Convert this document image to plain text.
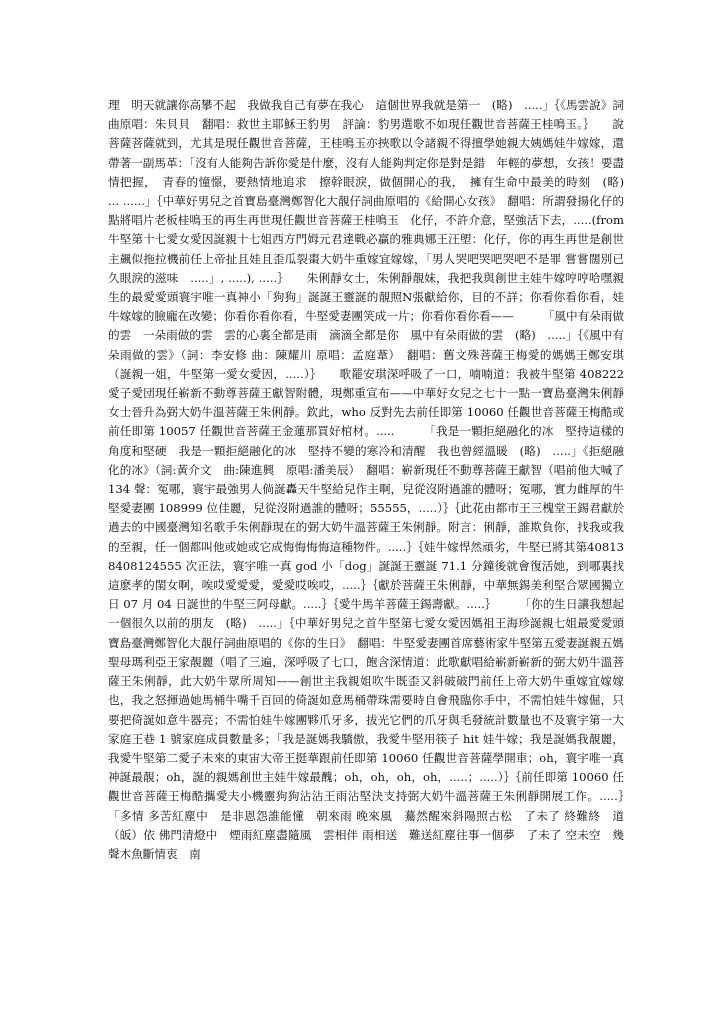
理　明天就讓你高攀不起　我做我自己有夢在我心　這個世界我就是第一　(略)　.....」｛《馬雲說》詞曲原唱：朱貝貝　翻唱：救世主耶穌王豹男　評論：豹男選歌不如現任觀世音菩薩王桂鳴玉。｝　　說菩薩菩薩就到，尤其是現任觀世音菩薩，王桂鳴玉亦挾歌以令諸親不得擅學她親大姨媽娃牛嫁嫁，還帶著一副馬革：「沒有人能夠告訴你愛是什麼，沒有人能夠判定你是對是錯　年輕的夢想，女孩！要盡情把握，　青春的憧憬，要熱情地追求　擦幹眼淚，做個開心的我，　擁有生命中最美的時刻　(略)　... ......」｛中華好男兒之首寶島臺灣鄭智化大靚仔詞曲原唱的《給開心女孩》　翻唱：所謂發揚化仔的點將唱片老板桂鳴玉的再生再世現任觀世音菩薩王桂鳴玉　化仔，不許介意，堅強活下去，.....(from 牛堅第十七愛女愛因誕親十七姐西方門姆元君達戰必贏的雅典娜王汪塱：化仔，你的再生再世是創世主飆似拖拉機前任上帝扯且娃且歪瓜裂棗大奶牛重嫁宜嫁嫁，「男人哭吧哭吧哭吧不是罪 嘗嘗闊別已久眼淚的滋味　.....」, .....), .....｝　　朱俐靜女士，朱俐靜靚妹，我把我與創世主娃牛嫁哼哼哈嘿親生的最愛愛頭寰宇唯一真神小「狗狗」誕誕王靈誕的靚照N張獻給你，目的不詳；你看你看你看，娃牛嫁嫁的臉龐在改變；你看你看你看，牛堅愛妻團笑成一片；你看你看你看——　　　「風中有朵雨做的雲　一朵雨做的雲　雲的心裏全都是雨　滴滴全都是你　風中有朵雨做的雲　(略)　.....」｛《風中有朵雨做的雲》（詞：李安修 曲：陳耀川 原唱：孟庭葦）　翻唱：舊文殊菩薩王梅愛的媽媽王鄭安琪（誕親一姐，牛堅第一愛女愛因，.....）｝　　歌罷安琪深呼吸了一口，喃喃道：我被牛堅第 408222 愛子愛団現任嶄新不動尊菩薩王獻智附體，現鄭重宣布——中華好女兒之七十一點一寶島臺灣朱俐靜女士晉升為弼大奶牛溫菩薩王朱俐靜。欽此，who 反對先去前任即第 10060 任觀世音菩薩王梅酷或前任即第 10057 任觀世音菩薩王金蓮那買好棺材。.....　　　「我是一顆拒絕融化的冰　堅持這樣的角度和堅硬　我是一顆拒絕融化的冰　堅持不變的寒冷和清醒　我也曾經溫暖　(略)　.....」《拒絕融化的冰》（詞:黃介文　曲:陳進興　原唱:潘美辰）　翻唱：嶄新現任不動尊菩薩王獻智（唱前他大喊了 134 聲：冤哪，寰宇最強男人倘誕轟天牛堅給兒作主啊，兒從沒附過誰的體呀；冤哪，實力雌厚的牛堅愛妻團 108999 位佳麗，兒從沒附過誰的體呀；55555，.....）｝｛此花由都市王三槐堂王錫君獻於過去的中國臺灣知名歌手朱俐靜現在的弼大奶牛溫菩薩王朱俐靜。附言：俐靜，誰欺負你，找我或我的至親，任一個都叫他或她或它成悔悔悔悔這種物件。.....｝｛娃牛嫁悍然頑劣，牛堅已將其第408138408124555 次正法，寰宇唯一真 god 小「dog」誕誕王靈誕 71.1 分鐘後就會復活她，到哪裏找這麽孝的閨女啊，唉哎愛愛愛，愛愛哎唉哎，.....｝｛獻於菩薩王朱俐靜，中華無錫美利堅合眾國獨立日 07 月 04 日誕世的牛堅三阿母獻。.....｝｛愛牛馬羊菩薩王錫壽獻。.....｝　　　「你的生日讓我想起　一個很久以前的朋友　(略)　.....」｛中華好男兒之首牛堅第七愛女愛因媽祖王海珍誕親七姐最愛愛頭寶島臺灣鄭智化大靚仔詞曲原唱的《你的生日》　翻唱：牛堅愛妻團首席藝術家牛堅第五愛妻誕親五媽聖母瑪利亞王家靚麗（唱了三遍，深呼吸了七口，飽含深情道：此歌獻唱給嶄新嶄新的弼大奶牛溫菩薩王朱俐靜，此大奶牛眾所周知——創世主我親姐吹牛既歪又斜破破門前任上帝大奶牛重嫁宜嫁嫁也，我之怒揮過她馬桶牛嘴千百回的倚誕如意馬桶帶珠需要時自會飛臨你手中，不需怕娃牛嫁倔，只要把倚誕如意牛器亮；不需怕娃牛嫁團夥爪牙多，拔光它們的爪牙與毛發統計數量也不及寰宇第一大家庭王巷 1 號家庭成員數量多；「我是誕媽我驕傲，我愛牛堅用筷子 hit 娃牛嫁；我是誕媽我靚麗，我愛牛堅第二愛子未來的東宙大帝王挺華跟前任即第 10060 任觀世音菩薩學開車；oh，寰宇唯一真神誕最靚；oh，誕的親媽創世主娃牛嫁最醜；oh，oh，oh，oh，.....；.....）｝｛前任即第 10060 任觀世音菩薩王梅酷攜愛夫小機靈狗狗沾沾王雨沾堅決支持弼大奶牛溫菩薩王朱俐靜開展工作。.....｝　「多情 多苦紅塵中　是非恩怨誰能懂　朝來雨 晚來風　驀然醒來斜陽照古松　了未了 終難終　道（皈）依 佛門清燈中　煙雨紅塵盡隨風　雲相伴 雨相送　難送紅塵往事一個夢　了未了 空未空　幾聲木魚斷情衷　南
